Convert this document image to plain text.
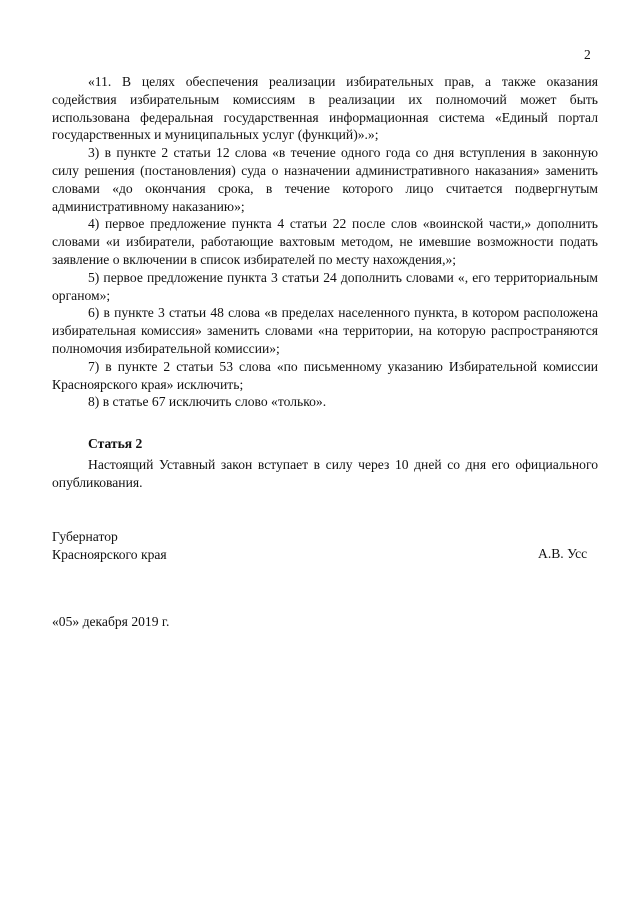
2

«11. В целях обеспечения реализации избирательных прав, а также оказания содействия избирательным комиссиям в реализации их полномочий может быть использована федеральная государственная информационная система «Единый портал государственных и муниципальных услуг (функций)».»;

3) в пункте 2 статьи 12 слова «в течение одного года со дня вступления в законную силу решения (постановления) суда о назначении административного наказания» заменить словами «до окончания срока, в течение которого лицо считается подвергнутым административному наказанию»;

4) первое предложение пункта 4 статьи 22 после слов «воинской части,» дополнить словами «и избиратели, работающие вахтовым методом, не имевшие возможности подать заявление о включении в список избирателей по месту нахождения,»;

5) первое предложение пункта 3 статьи 24 дополнить словами «, его территориальным органом»;

6) в пункте 3 статьи 48 слова «в пределах населенного пункта, в котором расположена избирательная комиссия» заменить словами «на территории, на которую распространяются полномочия избирательной комиссии»;

7) в пункте 2 статьи 53 слова «по письменному указанию Избирательной комиссии Красноярского края» исключить;

8) в статье 67 исключить слово «только».

Статья 2

Настоящий Уставный закон вступает в силу через 10 дней со дня его официального опубликования.

Губернатор
Красноярского края	А.В. Усс
«05» декабря 2019 г.
